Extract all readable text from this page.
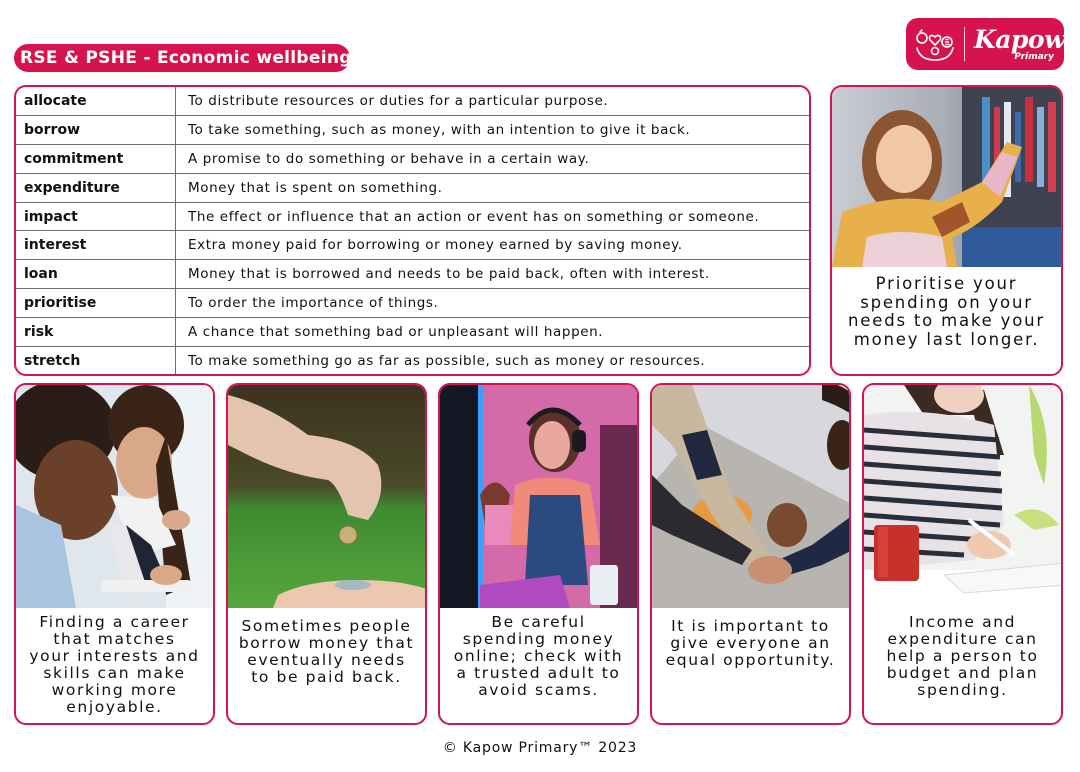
RSE & PSHE - Economic wellbeing
Kapow
Primary
allocate	To distribute resources or duties for a particular purpose.
borrow	To take something, such as money, with an intention to give it back.
commitment	A promise to do something or behave in a certain way.
expenditure	Money that is spent on something.
impact	The effect or influence that an action or event has on something or someone.
interest	Extra money paid for borrowing or money earned by saving money.
loan	Money that is borrowed and needs to be paid back, often with interest.
prioritise	To order the importance of things.
risk	A chance that something bad or unpleasant will happen.
stretch	To make something go as far as possible, such as money or resources.
Prioritise your
spending on your
needs to make your
money last longer.
Finding a career
that matches
your interests and
skills can make
working more
enjoyable.
Sometimes people
borrow money that
eventually needs
to be paid back.
Be careful
spending money
online; check with
a trusted adult to
avoid scams.
It is important to
give everyone an
equal opportunity.
Income and
expenditure can
help a person to
budget and plan
spending.
© Kapow Primary™ 2023
